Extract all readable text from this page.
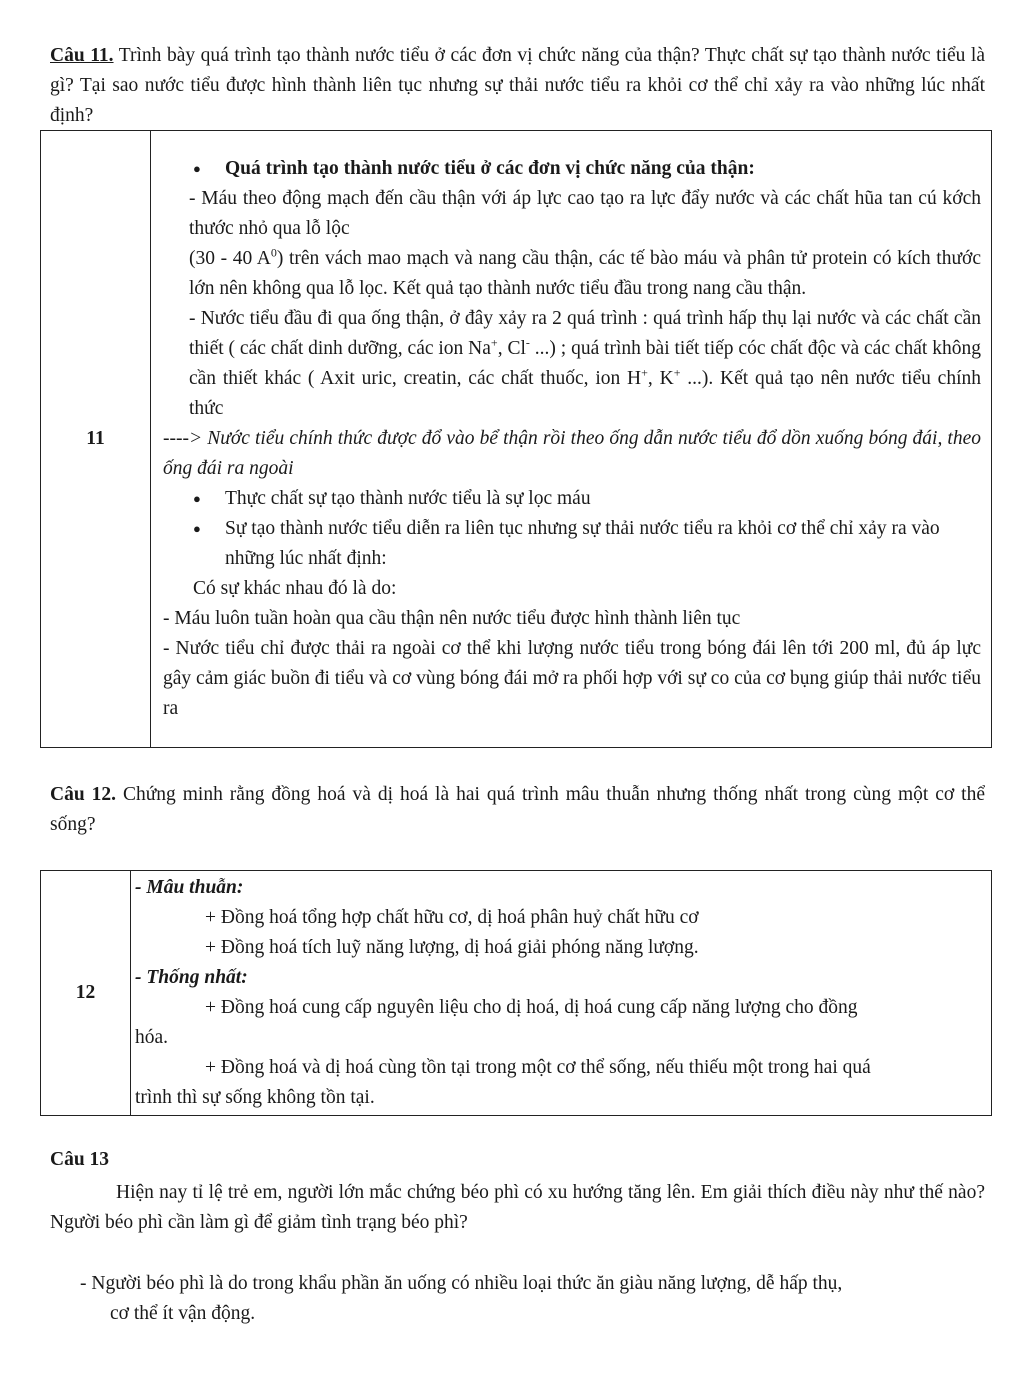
Câu 11. Trình bày quá trình tạo thành nước tiểu ở các đơn vị chức năng của thận? Thực chất sự tạo thành nước tiểu là gì? Tại sao nước tiểu được hình thành liên tục nhưng sự thải nước tiểu ra khỏi cơ thể chỉ xảy ra vào những lúc nhất định?

11	

● Quá trình tạo thành nước tiểu ở các đơn vị chức năng của thận:

- Máu theo động mạch đến cầu thận với áp lực cao tạo ra lực đẩy nước và các chất hũa tan cú kớch thước nhỏ qua lỗ lộc

(30 - 40 $A^0$) trên vách mao mạch và nang cầu thận, các tế bào máu và phân tử protein có kích thước lớn nên không qua lỗ lọc. Kết quả tạo thành nước tiểu đầu trong nang cầu thận.

- Nước tiểu đầu đi qua ống thận, ở đây xảy ra 2 quá trình : quá trình hấp thụ lại nước và các chất cần thiết ( các chất dinh dưỡng, các ion Na+, Cl- ...) ; quá trình bài tiết tiếp cóc chất độc và các chất không cần thiết khác ( Axit uric, creatin, các chất thuốc, ion H+, K+ ...). Kết quả tạo nên nước tiểu chính thức

----> Nước tiểu chính thức được đổ vào bể thận rồi theo ống dẫn nước tiểu đổ dồn xuống bóng đái, theo ống đái ra ngoài

● Thực chất sự tạo thành nước tiểu là sự lọc máu

● Sự tạo thành nước tiểu diễn ra liên tục nhưng sự thải nước tiểu ra khỏi cơ thể chỉ xảy ra vào những lúc nhất định:

Có sự khác nhau đó là do:

- Máu luôn tuần hoàn qua cầu thận nên nước tiểu được hình thành liên tục

- Nước tiểu chỉ được thải ra ngoài cơ thể khi lượng nước tiểu trong bóng đái lên tới 200 ml, đủ áp lực gây cảm giác buồn đi tiểu và cơ vùng bóng đái mở ra phối hợp với sự co của cơ bụng giúp thải nước tiểu ra

Câu 12. Chứng minh rằng đồng hoá và dị hoá là hai quá trình mâu thuẫn nhưng thống nhất trong cùng một cơ thể sống?

12	

- Mâu thuẫn:

+ Đồng hoá tổng hợp chất hữu cơ, dị hoá phân huỷ chất hữu cơ

+ Đồng hoá tích luỹ năng lượng, dị hoá giải phóng năng lượng.

- Thống nhất:

+ Đồng hoá cung cấp nguyên liệu cho dị hoá, dị hoá cung cấp năng lượng cho đồng

hóa.

+ Đồng hoá và dị hoá cùng tồn tại trong một cơ thể sống, nếu thiếu một trong hai quá

trình thì sự sống không tồn tại.

Câu 13

Hiện nay tỉ lệ trẻ em, người lớn mắc chứng béo phì có xu hướng tăng lên. Em giải thích điều này như thế nào? Người béo phì cần làm gì để giảm tình trạng béo phì?

- Người béo phì là do trong khẩu phần ăn uống có nhiều loại thức ăn giàu năng lượng, dễ hấp thụ,

cơ thể ít vận động.
